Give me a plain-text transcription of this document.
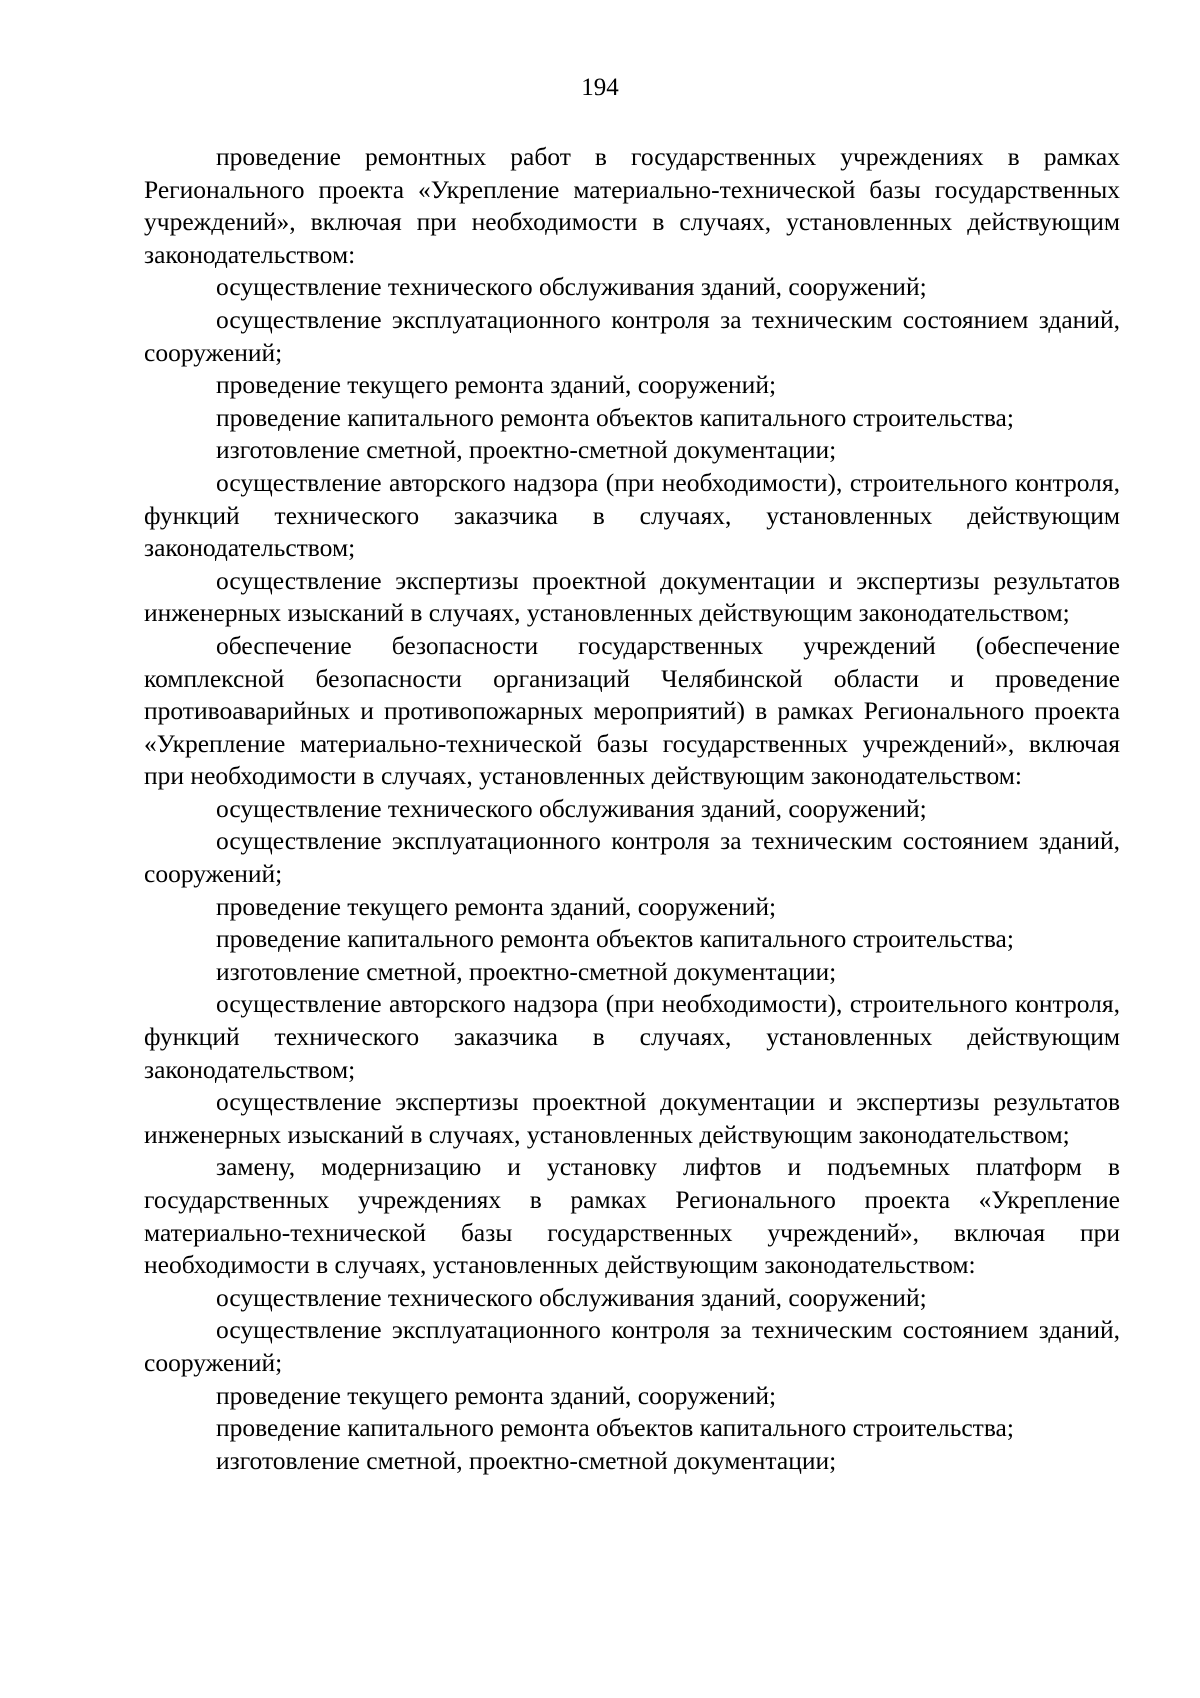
194

проведение ремонтных работ в государственных учреждениях в рамках Регионального проекта «Укрепление материально-технической базы государственных учреждений», включая при необходимости в случаях, установленных действующим законодательством:

осуществление технического обслуживания зданий, сооружений;

осуществление эксплуатационного контроля за техническим состоянием зданий, сооружений;

проведение текущего ремонта зданий, сооружений;

проведение капитального ремонта объектов капитального строительства;

изготовление сметной, проектно-сметной документации;

осуществление авторского надзора (при необходимости), строительного контроля, функций технического заказчика в случаях, установленных действующим законодательством;

осуществление экспертизы проектной документации и экспертизы результатов инженерных изысканий в случаях, установленных действующим законодательством;

обеспечение безопасности государственных учреждений (обеспечение комплексной безопасности организаций Челябинской области и проведение противоаварийных и противопожарных мероприятий) в рамках Регионального проекта «Укрепление материально-технической базы государственных учреждений», включая при необходимости в случаях, установленных действующим законодательством:

осуществление технического обслуживания зданий, сооружений;

осуществление эксплуатационного контроля за техническим состоянием зданий, сооружений;

проведение текущего ремонта зданий, сооружений;

проведение капитального ремонта объектов капитального строительства;

изготовление сметной, проектно-сметной документации;

осуществление авторского надзора (при необходимости), строительного контроля, функций технического заказчика в случаях, установленных действующим законодательством;

осуществление экспертизы проектной документации и экспертизы результатов инженерных изысканий в случаях, установленных действующим законодательством;

замену, модернизацию и установку лифтов и подъемных платформ в государственных учреждениях в рамках Регионального проекта «Укрепление материально-технической базы государственных учреждений», включая при необходимости в случаях, установленных действующим законодательством:

осуществление технического обслуживания зданий, сооружений;

осуществление эксплуатационного контроля за техническим состоянием зданий, сооружений;

проведение текущего ремонта зданий, сооружений;

проведение капитального ремонта объектов капитального строительства;

изготовление сметной, проектно-сметной документации;
